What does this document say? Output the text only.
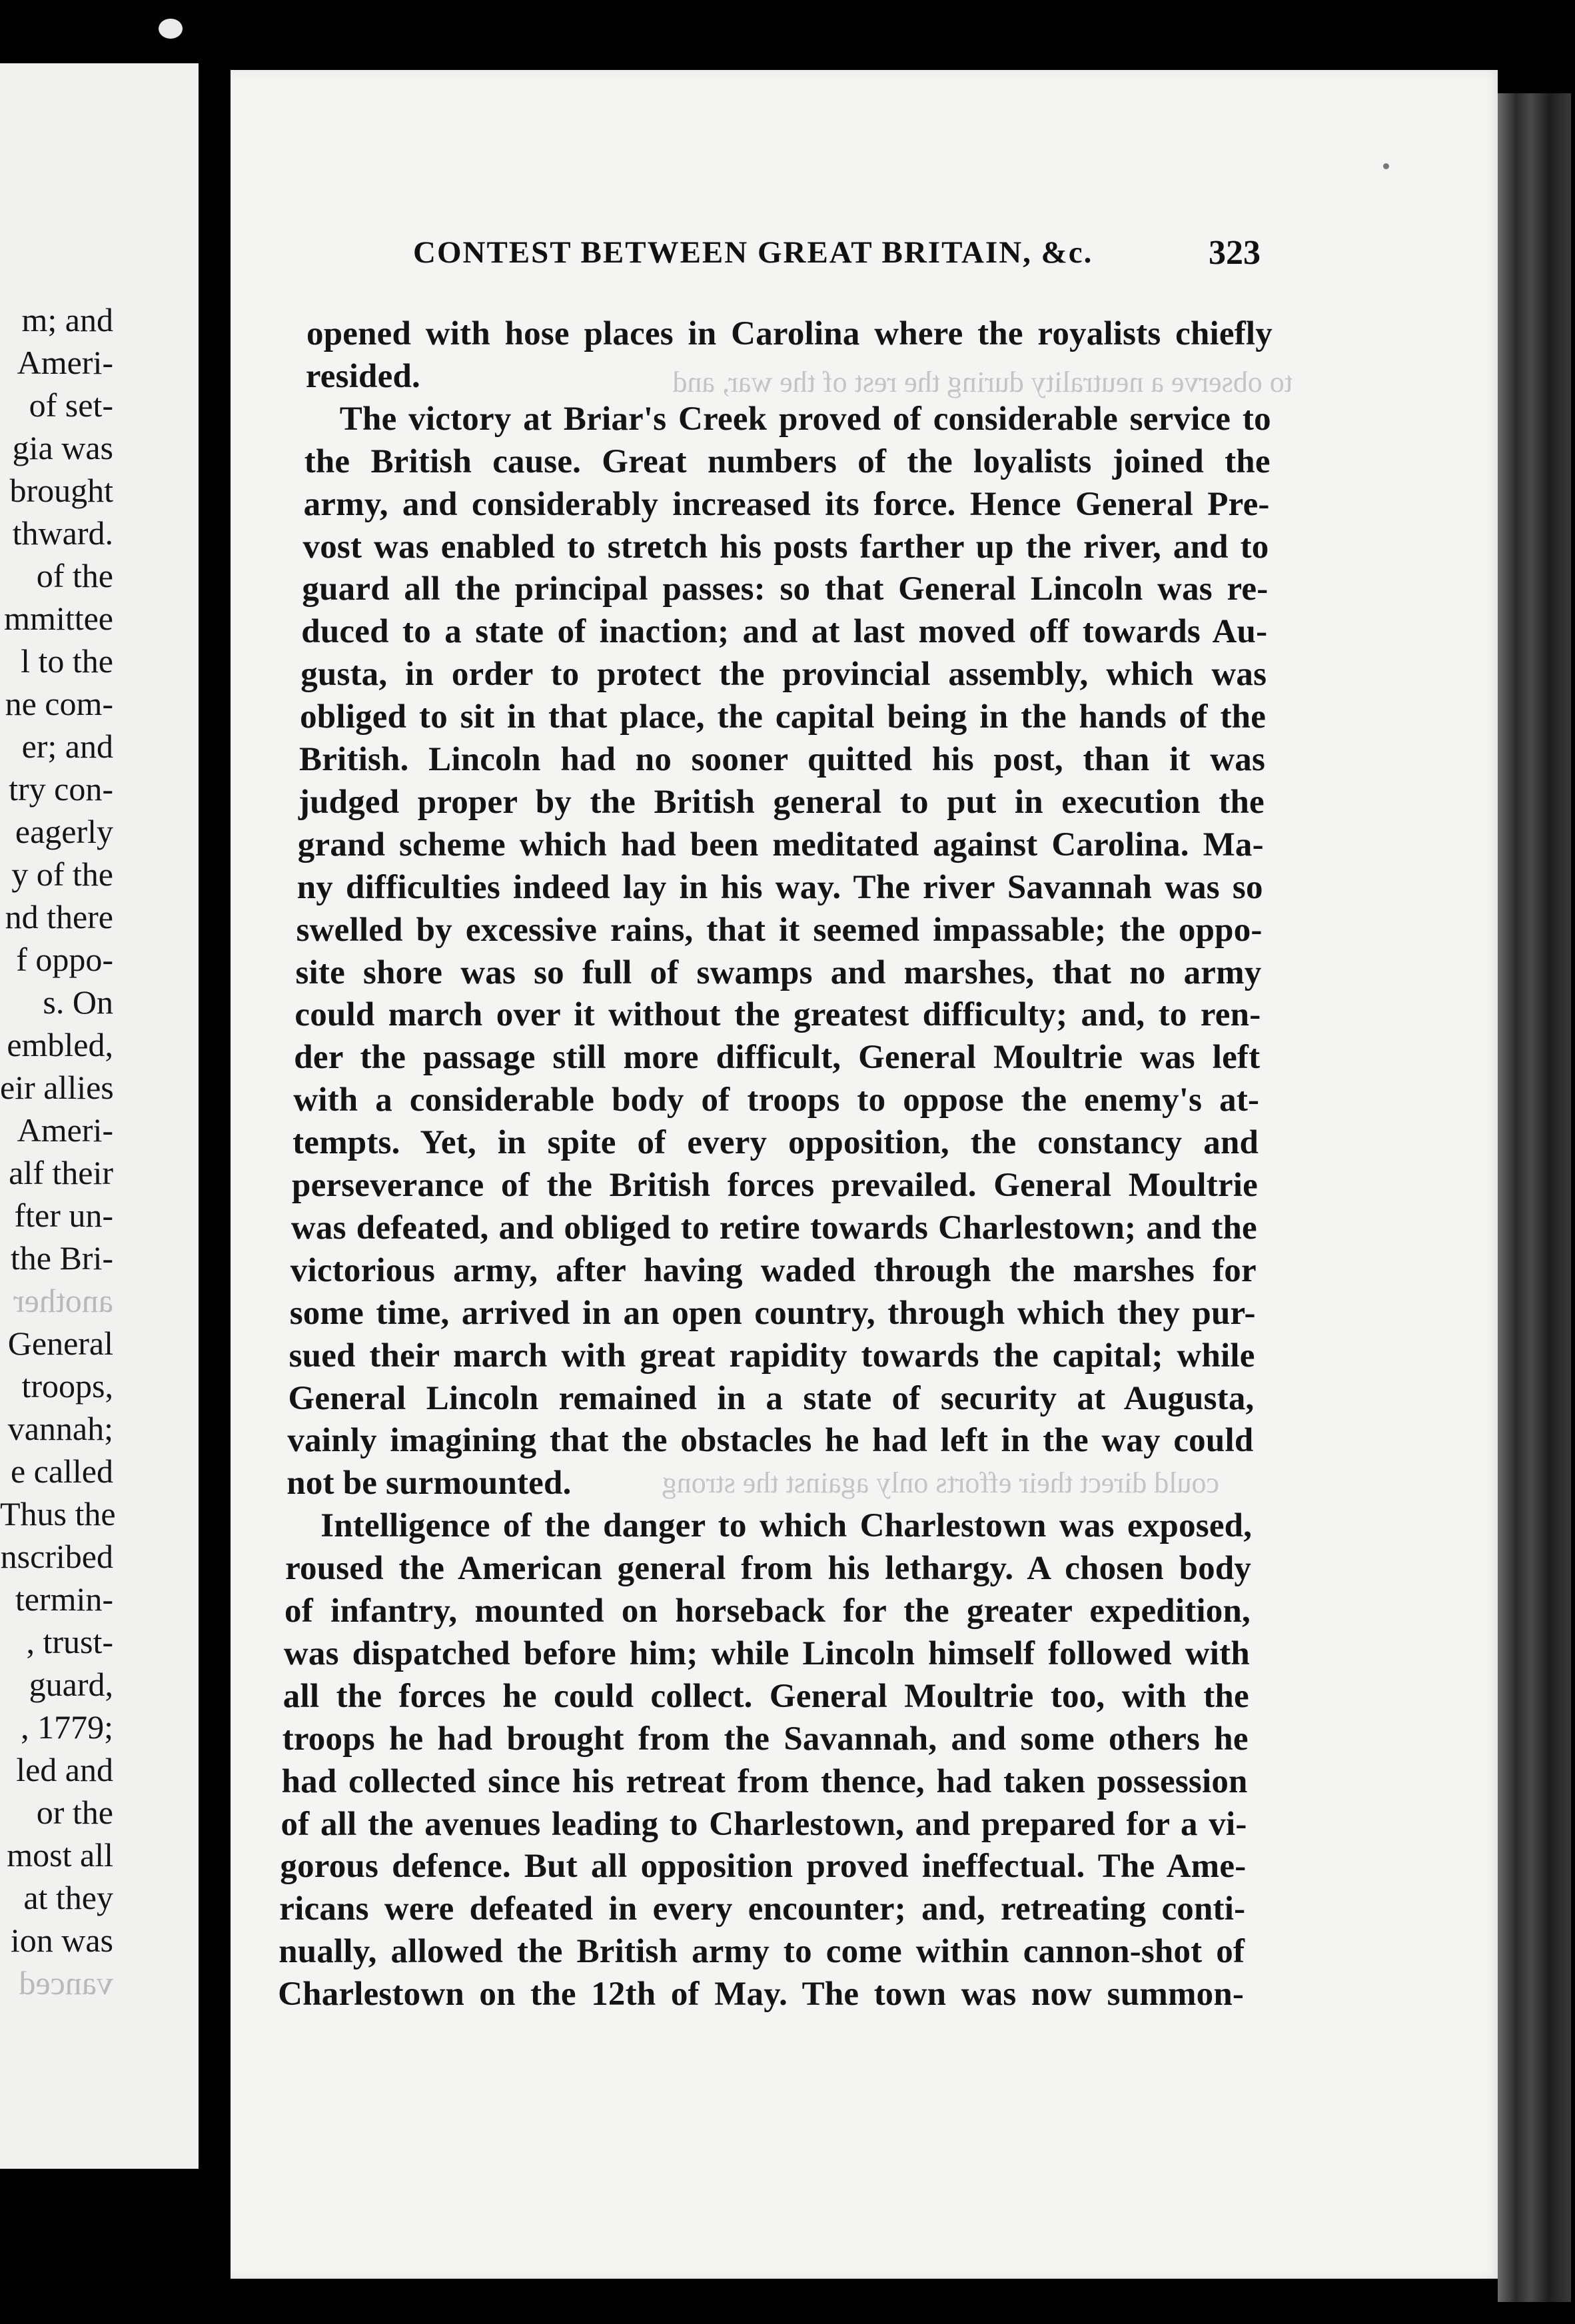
m; and
Ameri-
of set-
gia was
brought
thward.
of the
mmittee
l to the
ne com-
er; and
try con-
eagerly
y of the
nd there
f oppo-
s. On
embled,
eir allies
Ameri-
alf their
fter un-
the Bri-
another
General
troops,
vannah;
e called
Thus the
nscribed
termin-
, trust-
guard,
, 1779;
led and
or the
most all
at they
ion was
vanced
CONTEST BETWEEN GREAT BRITAIN, &c.	323
opened with hose places in Carolina where the royalists chiefly
resided.
The victory at Briar's Creek proved of considerable service to
the British cause. Great numbers of the loyalists joined the
army, and considerably increased its force. Hence General Pre-
vost was enabled to stretch his posts farther up the river, and to
guard all the principal passes: so that General Lincoln was re-
duced to a state of inaction; and at last moved off towards Au-
gusta, in order to protect the provincial assembly, which was
obliged to sit in that place, the capital being in the hands of the
British. Lincoln had no sooner quitted his post, than it was
judged proper by the British general to put in execution the
grand scheme which had been meditated against Carolina. Ma-
ny difficulties indeed lay in his way. The river Savannah was so
swelled by excessive rains, that it seemed impassable; the oppo-
site shore was so full of swamps and marshes, that no army
could march over it without the greatest difficulty; and, to ren-
der the passage still more difficult, General Moultrie was left
with a considerable body of troops to oppose the enemy's at-
tempts. Yet, in spite of every opposition, the constancy and
perseverance of the British forces prevailed. General Moultrie
was defeated, and obliged to retire towards Charlestown; and the
victorious army, after having waded through the marshes for
some time, arrived in an open country, through which they pur-
sued their march with great rapidity towards the capital; while
General Lincoln remained in a state of security at Augusta,
vainly imagining that the obstacles he had left in the way could
not be surmounted.
Intelligence of the danger to which Charlestown was exposed,
roused the American general from his lethargy. A chosen body
of infantry, mounted on horseback for the greater expedition,
was dispatched before him; while Lincoln himself followed with
all the forces he could collect. General Moultrie too, with the
troops he had brought from the Savannah, and some others he
had collected since his retreat from thence, had taken possession
of all the avenues leading to Charlestown, and prepared for a vi-
gorous defence. But all opposition proved ineffectual. The Ame-
ricans were defeated in every encounter; and, retreating conti-
nually, allowed the British army to come within cannon-shot of
Charlestown on the 12th of May. The town was now summon-
to observe a neutrality during the rest of the war, and
could direct their efforts only against the strong
